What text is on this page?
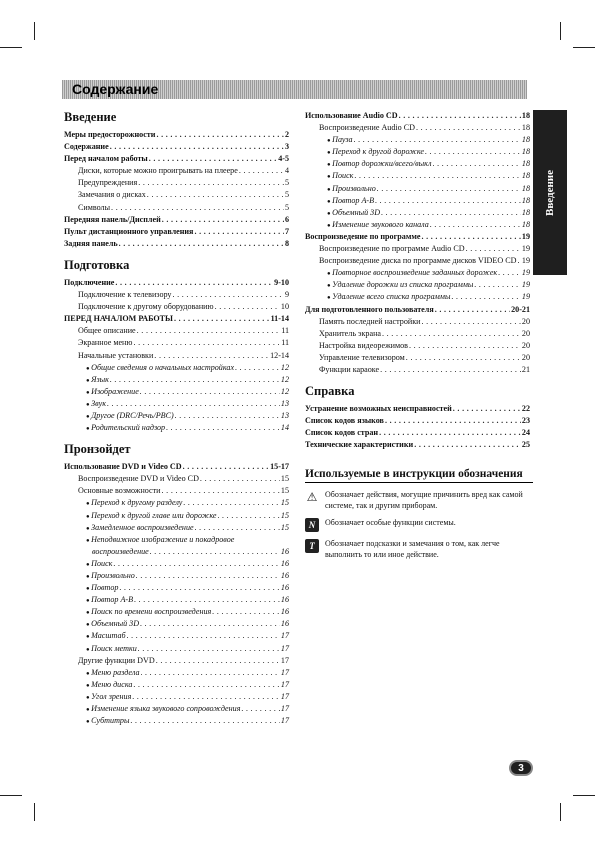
Содержание
Введение
Меры предосторожности . . .	2
Содержание . . .	3
Перед началом работы . . .	4-5
Диски, которые можно проигрывать на плеере . . .	4
Предупреждения . . .	5
Замечания о дисках . . .	5
Символы . . .	5
Передняя панель/Дисплей . . .	6
Пульт дистанционного управления . . .	7
Задняя панель . . .	8
Подготовка
Подключение . . .	9-10
Подключение к телевизору . . .	9
Подключение к другому оборудованию . . .	10
ПЕРЕД НАЧАЛОМ РАБОТЫ . . .	11-14
Общее описание . . .	11
Экранное меню . . .	11
Начальные установки . . .	12-14
● Общие сведения о начальных настройках . . .	12
● Язык . . .	12
● Изображение . . .	12
● Звук . . .	13
● Другое (DRC/Речь/PBC) . . .	13
● Родительский надзор . . .	14
Пронзойдет
Использование DVD и Video CD . . .	15-17
Воспроизведение DVD и Video CD . . .	15
Основные возможности . . .	15
● Переход к другому разделу . . .	15
● Переход к другой главе или дорожке . . .	15
● Замедленное воспроизведение . . .	15
● Неподвижное изображение и покадровое
воспроизведение . . .	16
● Поиск . . .	16
● Произвольно . . .	16
● Повтор . . .	16
● Повтор A-B . . .	16
● Поиск по времени воспроизведения . . .	16
● Объемный 3D . . .	16
● Масштаб . . .	17
● Поиск метки . . .	17
Другие функции DVD . . .	17
● Меню раздела . . .	17
● Меню диска . . .	17
● Угол зрения . . .	17
● Изменение языка звукового сопровождения . . .	17
● Субтитры . . .	17
Использование Audio CD . . .	18
Воспроизведение Audio CD . . .	18
● Пауза . . .	18
● Переход к другой дорожке . . .	18
● Повтор дорожки/всего/выкл . . .	18
● Поиск . . .	18
● Произвольно . . .	18
● Повтор A-B . . .	18
● Объемный 3D . . .	18
● Изменение звукового канала . . .	18
Воспроизведение по программе . . .	19
Воспроизведение по программе Audio CD . . .	19
Воспроизведение диска по программе дисков VIDEO CD . . . 19
● Повторное воспроизведение заданных дорожек . . .	19
● Удаление дорожки из списка программы . . .	19
● Удаление всего списка программы . . .	19
Для подготовленного пользователя . . .	20-21
Память последней настройки . . .	20
Хранитель экрана . . .	20
Настройка видеорежимов . . .	20
Управление телевизором . . .	20
Функции караоке . . .	21
Справка
Устранение возможных неисправностей . . .	22
Список кодов языков . . .	23
Список кодов стран . . .	24
Технические характеристики . . .	25
Введение
Используемые в инструкции обозначения
⚠ Обозначает действия, могущие причинить вред как самой системе, так и другим приборам.
N	Обозначает особые функции системы.
T	Обозначает подсказки и замечания о том, как легче выполнить то или иное действие.
3
